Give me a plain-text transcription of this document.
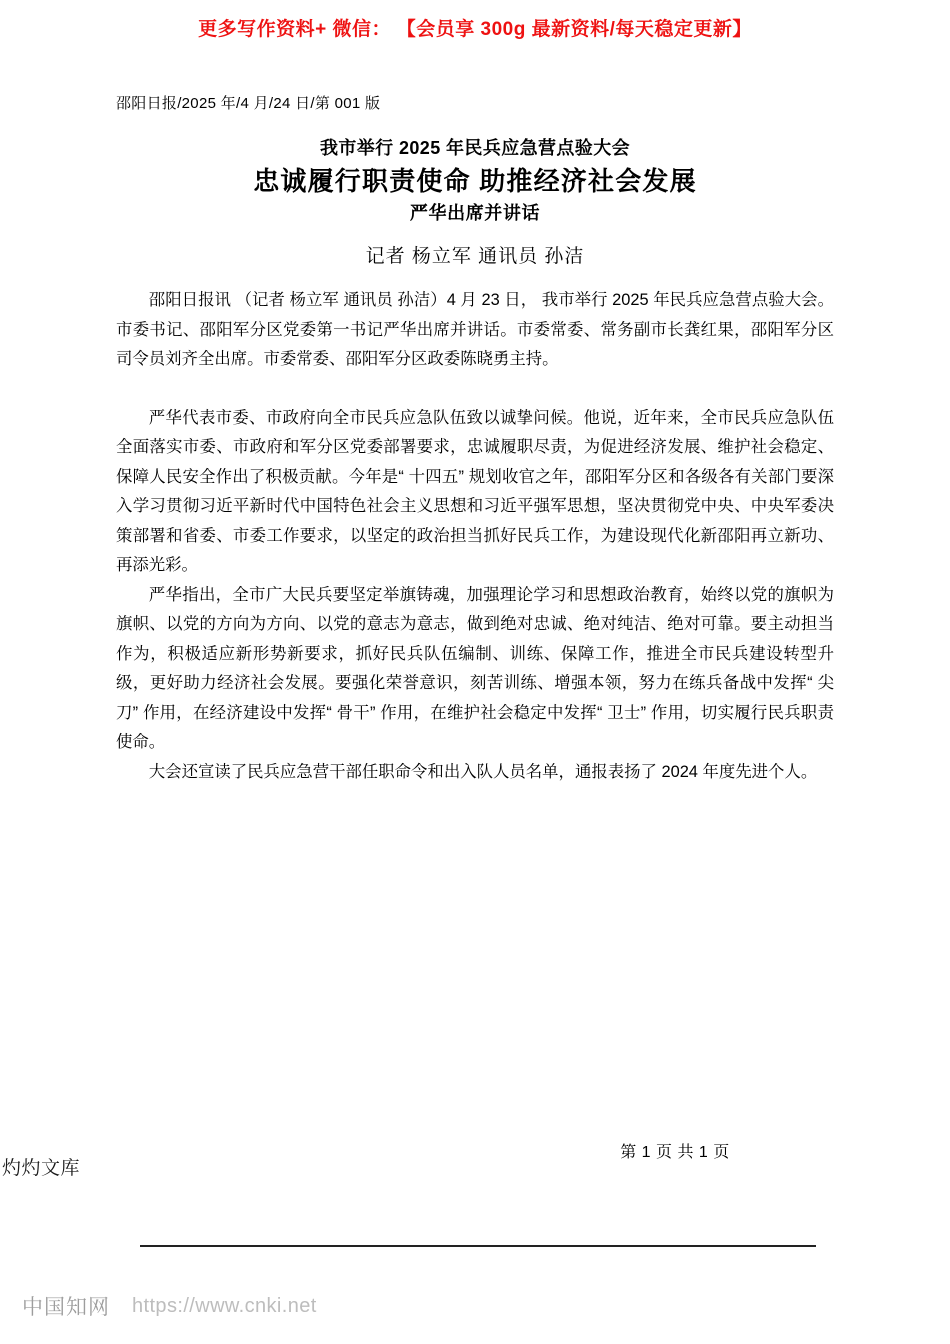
更多写作资料+ 微信： 【会员享 300g 最新资料/每天稳定更新】
邵阳日报/2025 年/4 月/24 日/第 001 版
我市举行 2025 年民兵应急营点验大会
忠诚履行职责使命 助推经济社会发展
严华出席并讲话
记者 杨立军 通讯员 孙洁

邵阳日报讯 （记者 杨立军 通讯员 孙洁）4 月 23 日， 我市举行 2025 年民兵应急营点验大会。市委书记、邵阳军分区党委第一书记严华出席并讲话。市委常委、常务副市长龚红果，邵阳军分区司令员刘齐全出席。市委常委、邵阳军分区政委陈晓勇主持。

严华代表市委、市政府向全市民兵应急队伍致以诚挚问候。他说，近年来，全市民兵应急队伍全面落实市委、市政府和军分区党委部署要求，忠诚履职尽责，为促进经济发展、维护社会稳定、保障人民安全作出了积极贡献。今年是“ 十四五” 规划收官之年，邵阳军分区和各级各有关部门要深入学习贯彻习近平新时代中国特色社会主义思想和习近平强军思想，坚决贯彻党中央、中央军委决策部署和省委、市委工作要求，以坚定的政治担当抓好民兵工作，为建设现代化新邵阳再立新功、再添光彩。

严华指出，全市广大民兵要坚定举旗铸魂，加强理论学习和思想政治教育，始终以党的旗帜为旗帜、以党的方向为方向、以党的意志为意志，做到绝对忠诚、绝对纯洁、绝对可靠。要主动担当作为，积极适应新形势新要求，抓好民兵队伍编制、训练、保障工作，推进全市民兵建设转型升级，更好助力经济社会发展。要强化荣誉意识，刻苦训练、增强本领，努力在练兵备战中发挥“ 尖刀” 作用，在经济建设中发挥“ 骨干” 作用，在维护社会稳定中发挥“ 卫士” 作用，切实履行民兵职责使命。

大会还宣读了民兵应急营干部任职命令和出入队人员名单，通报表扬了 2024 年度先进个人。

第 1 页 共 1 页
灼灼文库
中国知网 https://www.cnki.net
